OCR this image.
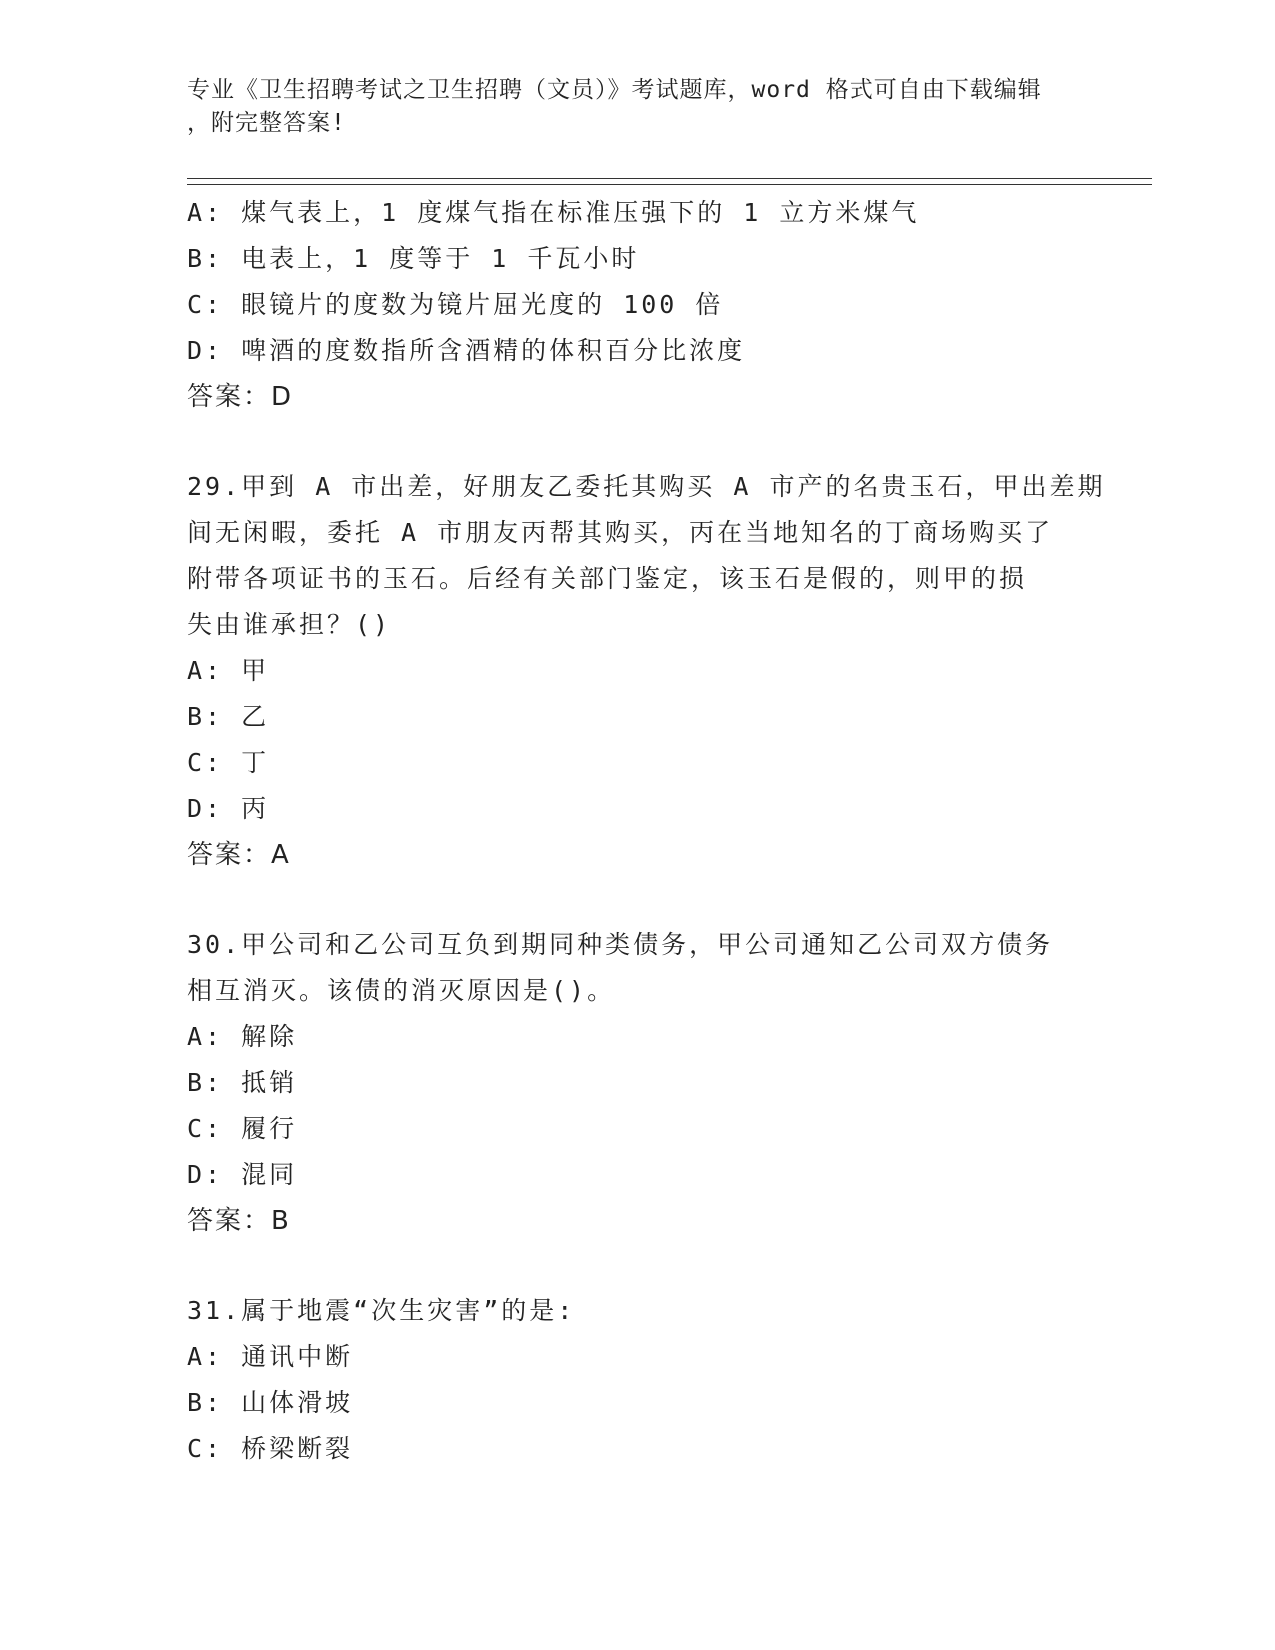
专业《卫生招聘考试之卫生招聘（文员）》考试题库，word 格式可自由下载编辑
，附完整答案!
A: 煤气表上，1 度煤气指在标准压强下的 1 立方米煤气
B: 电表上，1 度等于 1 千瓦小时
C: 眼镜片的度数为镜片屈光度的 100 倍
D: 啤酒的度数指所含酒精的体积百分比浓度
答案：D
29.甲到 A 市出差，好朋友乙委托其购买 A 市产的名贵玉石，甲出差期
间无闲暇，委托 A 市朋友丙帮其购买，丙在当地知名的丁商场购买了
附带各项证书的玉石。后经有关部门鉴定，该玉石是假的，则甲的损
失由谁承担？()
A: 甲
B: 乙
C: 丁
D: 丙
答案：A
30.甲公司和乙公司互负到期同种类债务，甲公司通知乙公司双方债务
相互消灭。该债的消灭原因是()。
A: 解除
B: 抵销
C: 履行
D: 混同
答案：B
31.属于地震“次生灾害”的是:
A: 通讯中断
B: 山体滑坡
C: 桥梁断裂
